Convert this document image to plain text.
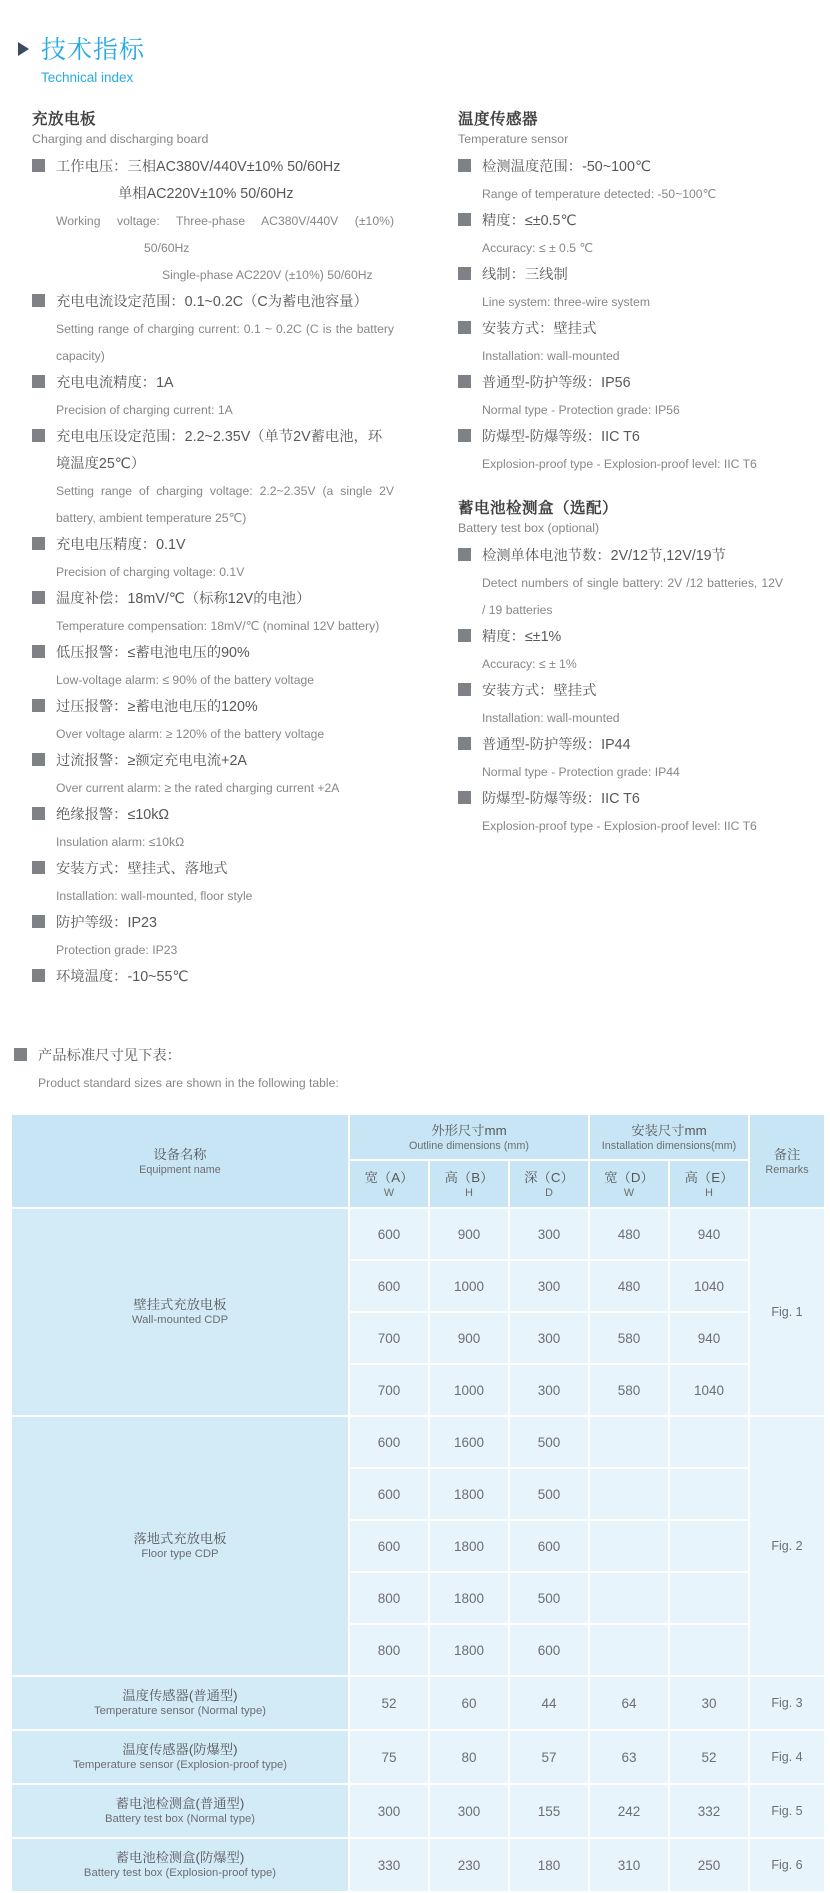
技术指标
Technical index
充放电板
Charging and discharging board
工作电压：三相AC380V/440V±10% 50/60Hz
单相AC220V±10% 50/60Hz
Working voltage: Three-phase AC380V/440V (±10%)
50/60Hz
Single-phase AC220V (±10%) 50/60Hz
充电电流设定范围：0.1~0.2C（C为蓄电池容量）
Setting range of charging current: 0.1 ~ 0.2C (C is the battery capacity)
充电电流精度：1A
Precision of charging current: 1A
充电电压设定范围：2.2~2.35V（单节2V蓄电池，环境温度25℃）
Setting range of charging voltage: 2.2~2.35V (a single 2V battery, ambient temperature 25℃)
充电电压精度：0.1V
Precision of charging voltage: 0.1V
温度补偿：18mV/℃（标称12V的电池）
Temperature compensation: 18mV/℃ (nominal 12V battery)
低压报警：≤蓄电池电压的90%
Low-voltage alarm: ≤ 90% of the battery voltage
过压报警：≥蓄电池电压的120%
Over voltage alarm: ≥ 120% of the battery voltage
过流报警：≥额定充电电流+2A
Over current alarm: ≥ the rated charging current +2A
绝缘报警：≤10kΩ
Insulation alarm: ≤10kΩ
安装方式：壁挂式、落地式
Installation: wall-mounted, floor style
防护等级：IP23
Protection grade: IP23
环境温度：-10~55℃
温度传感器
Temperature sensor
检测温度范围：-50~100℃
Range of temperature detected: -50~100℃
精度：≤±0.5℃
Accuracy: ≤ ± 0.5 ℃
线制：三线制
Line system: three-wire system
安装方式：壁挂式
Installation: wall-mounted
普通型-防护等级：IP56
Normal type - Protection grade: IP56
防爆型-防爆等级：IIC T6
Explosion-proof type - Explosion-proof level: IIC T6
蓄电池检测盒（选配）
Battery test box (optional)
检测单体电池节数：2V/12节,12V/19节
Detect numbers of single battery: 2V /12 batteries, 12V / 19 batteries
精度：≤±1%
Accuracy: ≤ ± 1%
安装方式：壁挂式
Installation: wall-mounted
普通型-防护等级：IP44
Normal type - Protection grade: IP44
防爆型-防爆等级：IIC T6
Explosion-proof type - Explosion-proof level: IIC T6
产品标准尺寸见下表：
Product standard sizes are shown in the following table:
设备名称
Equipment name

外形尺寸mm
Outline dimensions (mm)

安装尺寸mm
Installation dimensions(mm)

备注
Remarks

宽（A）
W

高（B）
H

深（C）
D

宽（D）
W

高（E）
H

壁挂式充放电板
Wall-mounted CDP	600	900	300	480	940	Fig. 1
	600	1000	300	480	1040	
	700	900	300	580	940	
	700	1000	300	580	1040	

落地式充放电板
Floor type CDP	600	1600	500			Fig. 2
	600	1800	500			
	600	1800	600			
	800	1800	500			
	800	1800	600			

温度传感器(普通型)
Temperature sensor (Normal type)	52	60	44	64	30	Fig. 3

温度传感器(防爆型)
Temperature sensor (Explosion-proof type)	75	80	57	63	52	Fig. 4

蓄电池检测盒(普通型)
Battery test box (Normal type)	300	300	155	242	332	Fig. 5

蓄电池检测盒(防爆型)
Battery test box (Explosion-proof type)	330	230	180	310	250	Fig. 6
